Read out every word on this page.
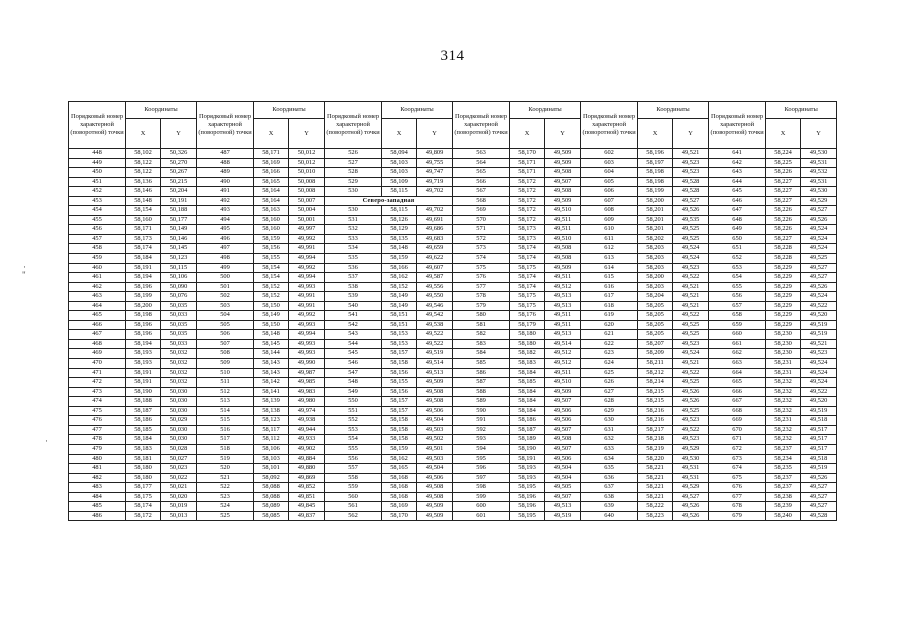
314
·
"
·
Порядковый номер характерной (поворотной) точки	Координаты		Порядковый номер характерной (поворотной) точки	Координаты		Порядковый номер характерной (поворотной) точки	Координаты		Порядковый номер характерной (поворотной) точки	Координаты		Порядковый номер характерной (поворотной) точки	Координаты		Порядковый номер характерной (поворотной) точки	Координаты	
	X	Y		X	Y		X	Y		X	Y		X	Y		X	Y
448	58,102	50,326	487	58,171	50,012	526	58,094	49,809	563	58,170	49,509	602	58,196	49,521	641	58,224	49,530
449	58,122	50,270	488	58,169	50,012	527	58,103	49,755	564	58,171	49,509	603	58,197	49,523	642	58,225	49,531
450	58,122	50,267	489	58,166	50,010	528	58,103	49,747	565	58,171	49,508	604	58,198	49,523	643	58,226	49,532
451	58,136	50,215	490	58,165	50,008	529	58,109	49,719	566	58,172	49,507	605	58,198	49,528	644	58,227	49,531
452	58,146	50,204	491	58,164	50,008	530	58,115	49,702	567	58,172	49,508	606	58,199	49,528	645	58,227	49,530
453	58,148	50,191	492	58,164	50,007	Северо-западная			568	58,172	49,509	607	58,200	49,527	646	58,227	49,529
454	58,154	50,188	493	58,163	50,004	530	58,115	49,702	569	58,172	49,510	608	58,201	49,526	647	58,226	49,527
455	58,160	50,177	494	58,160	50,001	531	58,126	49,691	570	58,172	49,511	609	58,201	49,535	648	58,226	49,526
456	58,171	50,149	495	58,160	49,997	532	58,129	49,686	571	58,173	49,511	610	58,201	49,525	649	58,226	49,524
457	58,173	50,146	496	58,159	49,992	533	58,135	49,683	572	58,173	49,510	611	58,202	49,525	650	58,227	49,524
458	58,174	50,145	497	58,156	49,991	534	58,148	49,659	573	58,174	49,508	612	58,203	49,524	651	58,228	49,524
459	58,184	50,123	498	58,155	49,994	535	58,159	49,622	574	58,174	49,508	613	58,203	49,524	652	58,228	49,525
460	58,191	50,115	499	58,154	49,992	536	58,166	49,607	575	58,175	49,509	614	58,203	49,523	653	58,229	49,527
461	58,194	50,106	500	58,154	49,994	537	58,162	49,587	576	58,174	49,511	615	58,200	49,522	654	58,229	49,527
462	58,196	50,090	501	58,152	49,993	538	58,152	49,556	577	58,174	49,512	616	58,203	49,521	655	58,229	49,526
463	58,199	50,076	502	58,152	49,991	539	58,149	49,550	578	58,175	49,513	617	58,204	49,521	656	58,229	49,524
464	58,200	50,035	503	58,150	49,991	540	58,149	49,546	579	58,175	49,513	618	58,205	49,521	657	58,229	49,522
465	58,198	50,033	504	58,149	49,992	541	58,151	49,542	580	58,176	49,511	619	58,205	49,522	658	58,229	49,520
466	58,196	50,035	505	58,150	49,993	542	58,151	49,538	581	58,179	49,511	620	58,205	49,525	659	58,229	49,519
467	58,196	50,035	506	58,148	49,994	543	58,153	49,522	582	58,180	49,513	621	58,205	49,525	660	58,230	49,519
468	58,194	50,033	507	58,145	49,993	544	58,153	49,522	583	58,180	49,514	622	58,207	49,523	661	58,230	49,521
469	58,193	50,032	508	58,144	49,993	545	58,157	49,519	584	58,182	49,512	623	58,209	49,524	662	58,230	49,523
470	58,193	50,032	509	58,143	49,990	546	58,158	49,514	585	58,183	49,512	624	58,211	49,521	663	58,231	49,524
471	58,191	50,032	510	58,143	49,987	547	58,156	49,513	586	58,184	49,511	625	58,212	49,522	664	58,231	49,524
472	58,191	50,032	511	58,142	49,985	548	58,155	49,509	587	58,185	49,510	626	58,214	49,525	665	58,232	49,524
473	58,190	50,030	512	58,141	49,983	549	58,156	49,508	588	58,184	49,509	627	58,215	49,526	666	58,232	49,522
474	58,188	50,030	513	58,139	49,980	550	58,157	49,508	589	58,184	49,507	628	58,215	49,526	667	58,232	49,520
475	58,187	50,030	514	58,138	49,974	551	58,157	49,506	590	58,184	49,506	629	58,216	49,525	668	58,232	49,519
476	58,186	50,029	515	58,123	49,938	552	58,158	49,504	591	58,186	49,506	630	58,216	49,523	669	58,231	49,518
477	58,185	50,030	516	58,117	49,944	553	58,158	49,503	592	58,187	49,507	631	58,217	49,522	670	58,232	49,517
478	58,184	50,030	517	58,112	49,933	554	58,158	49,502	593	58,189	49,508	632	58,218	49,523	671	58,232	49,517
479	58,183	50,028	518	58,106	49,902	555	58,159	49,501	594	58,190	49,507	633	58,219	49,529	672	58,237	49,517
480	58,181	50,027	519	58,103	49,884	556	58,162	49,503	595	58,191	49,506	634	58,220	49,530	673	58,234	49,518
481	58,180	50,023	520	58,101	49,880	557	58,165	49,504	596	58,193	49,504	635	58,221	49,531	674	58,235	49,519
482	58,180	50,022	521	58,092	49,869	558	58,168	49,506	597	58,193	49,504	636	58,221	49,531	675	58,237	49,526
483	58,177	50,021	522	58,088	49,852	559	58,168	49,508	598	58,195	49,505	637	58,221	49,529	676	58,237	49,527
484	58,175	50,020	523	58,088	49,851	560	58,168	49,508	599	58,196	49,507	638	58,221	49,527	677	58,238	49,527
485	58,174	50,019	524	58,089	49,845	561	58,169	49,509	600	58,196	49,513	639	58,222	49,526	678	58,239	49,527
486	58,172	50,013	525	58,085	49,837	562	58,170	49,509	601	58,195	49,519	640	58,223	49,526	679	58,240	49,528
